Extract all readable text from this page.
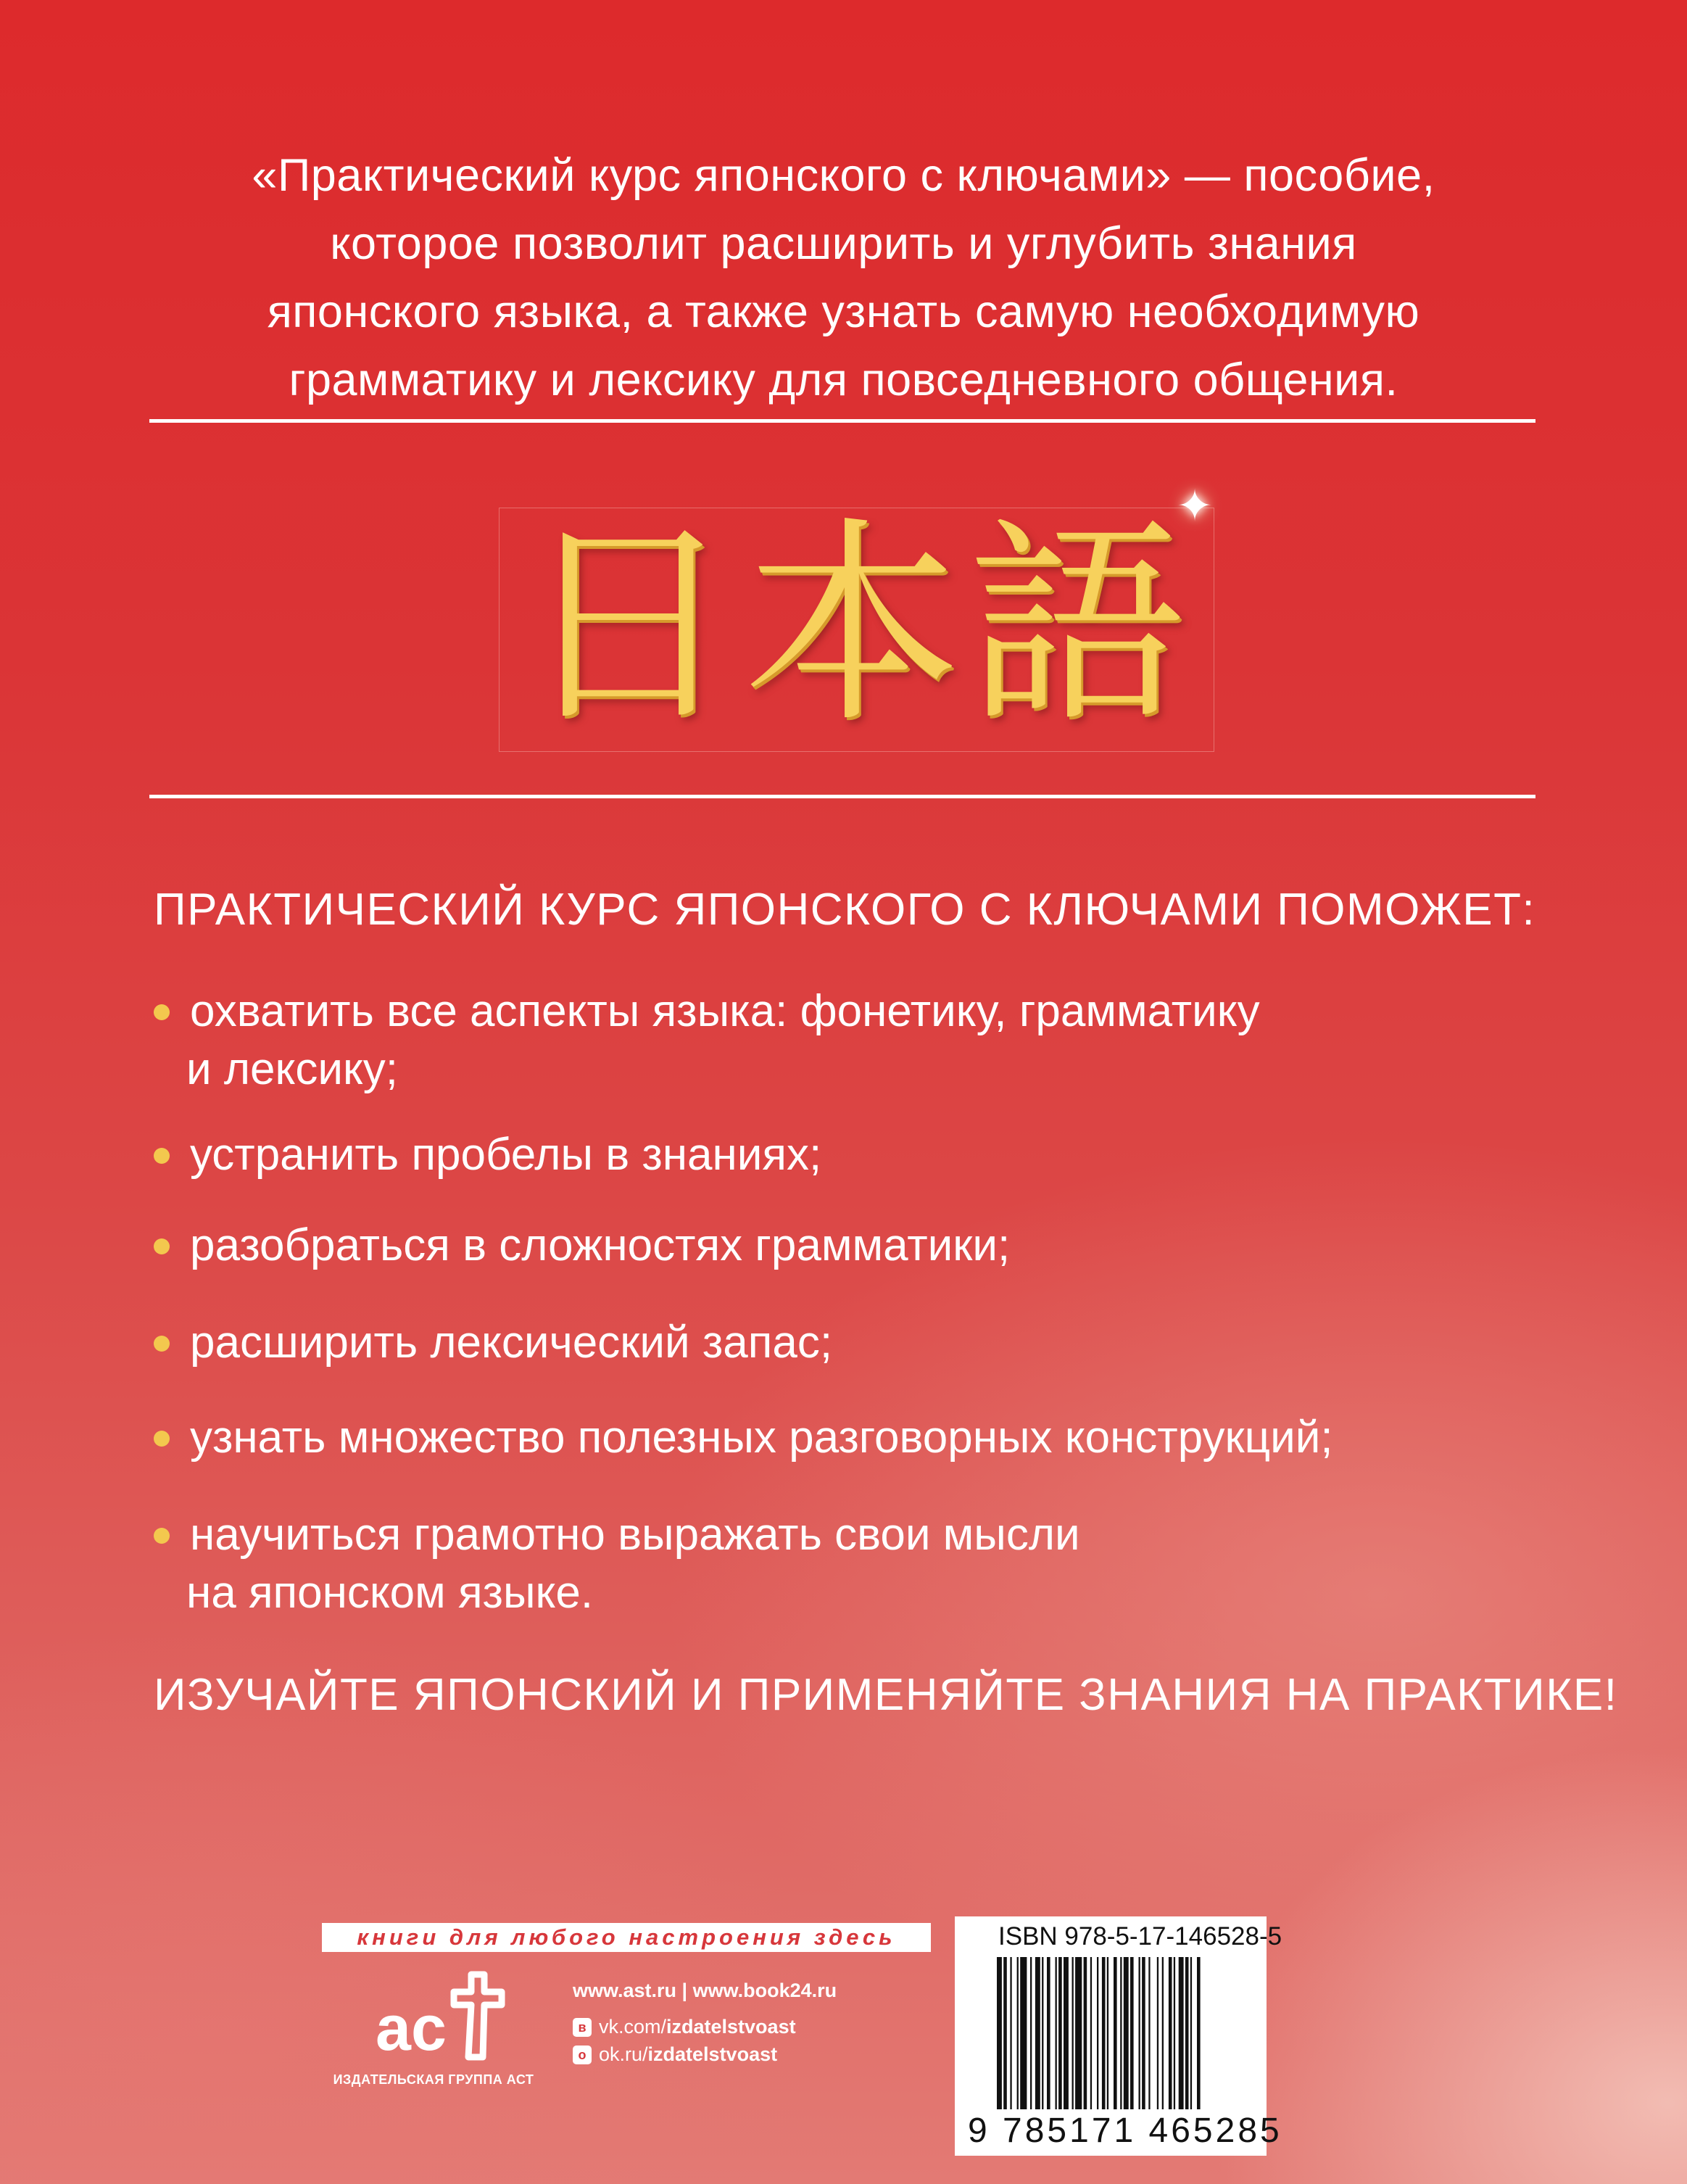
«Практический курс японского с ключами» — пособие,
которое позволит расширить и углубить знания
японского языка, а также узнать самую необходимую
грамматику и лексику для повседневного общения.
日本語
✦
ПРАКТИЧЕСКИЙ КУРС ЯПОНСКОГО С КЛЮЧАМИ ПОМОЖЕТ:
охватить все аспекты языка: фонетику, грамматику
и лексику;
устранить пробелы в знаниях;
разобраться в сложностях грамматики;
расширить лексический запас;
узнать множество полезных разговорных конструкций;
научиться грамотно выражать свои мысли
на японском языке.
ИЗУЧАЙТЕ ЯПОНСКИЙ И ПРИМЕНЯЙТЕ ЗНАНИЯ НА ПРАКТИКЕ!
книги для любого настроения здесь
ас
ИЗДАТЕЛЬСКАЯ ГРУППА АСТ
www.ast.ru | www.book24.ru
в vk.com/ izdatelstvoast
o ok.ru/ izdatelstvoast
ISBN 978-5-17-146528-5
9 785171 465285
